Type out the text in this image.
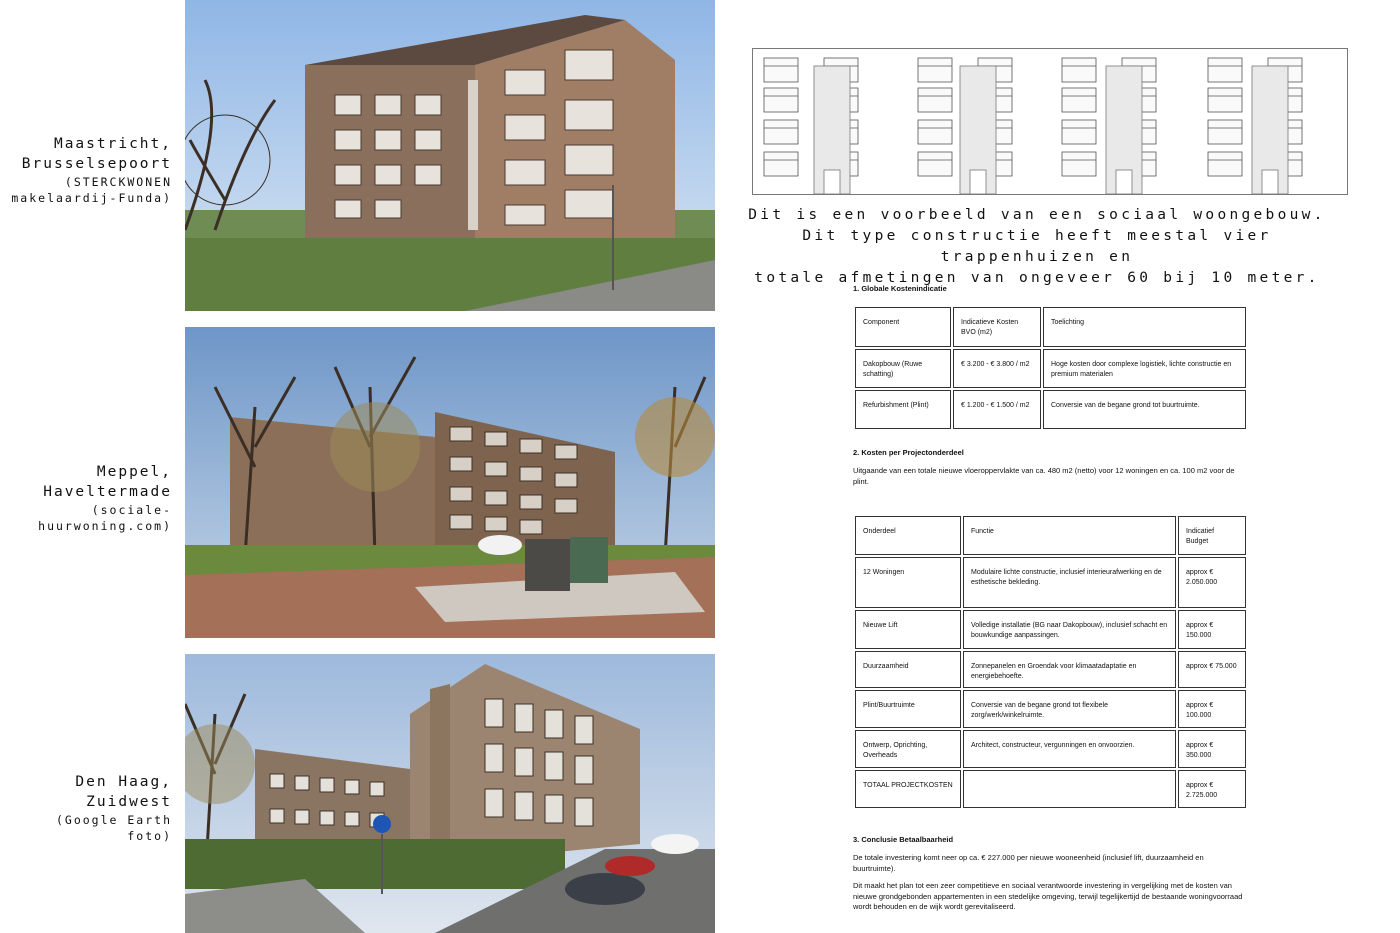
Maastricht,
Brusselsepoort
(STERCKWONEN
makelaardij-Funda)
Meppel,
Haveltermade
(sociale-
huurwoning.com)
Den Haag,
Zuidwest
(Google Earth
foto)
Dit is een voorbeeld van een sociaal woongebouw.
Dit type constructie heeft meestal vier trappenhuizen en
totale afmetingen van ongeveer 60 bij 10 meter.
1. Globale Kostenindicatie
Component	Indicatieve Kosten BVO (m2)	Toelichting
Dakopbouw (Ruwe schatting)	€ 3.200 - € 3.800 / m2	Hoge kosten door complexe logistiek, lichte constructie en premium materialen
Refurbishment (Plint)	€ 1.200 - € 1.500 / m2	Conversie van de begane grond tot buurtruimte.
2. Kosten per Projectonderdeel
Uitgaande van een totale nieuwe vloeroppervlakte van ca. 480 m2 (netto) voor 12 woningen en ca. 100 m2 voor de plint.
Onderdeel	Functie	Indicatief Budget
12 Woningen	Modulaire lichte constructie, inclusief interieurafwerking en de esthetische bekleding.	approx € 2.050.000
Nieuwe Lift	Volledige installatie (BG naar Dakopbouw), inclusief schacht en bouwkundige aanpassingen.	approx € 150.000
Duurzaamheid	Zonnepanelen en Groendak voor klimaatadaptatie en energiebehoefte.	approx € 75.000
Plint/Buurtruimte	Conversie van de begane grond tot flexibele zorg/werk/winkelruimte.	approx € 100.000
Ontwerp, Oprichting, Overheads	Architect, constructeur, vergunningen en onvoorzien.	approx € 350.000
TOTAAL PROJECTKOSTEN		approx € 2.725.000
3. Conclusie Betaalbaarheid
De totale investering komt neer op ca. € 227.000 per nieuwe wooneenheid (inclusief lift, duurzaamheid en buurtruimte).
Dit maakt het plan tot een zeer competitieve en sociaal verantwoorde investering in vergelijking met de kosten van nieuwe grondgebonden appartementen in een stedelijke omgeving, terwijl tegelijkertijd de bestaande woningvoorraad wordt behouden en de wijk wordt gerevitaliseerd.
